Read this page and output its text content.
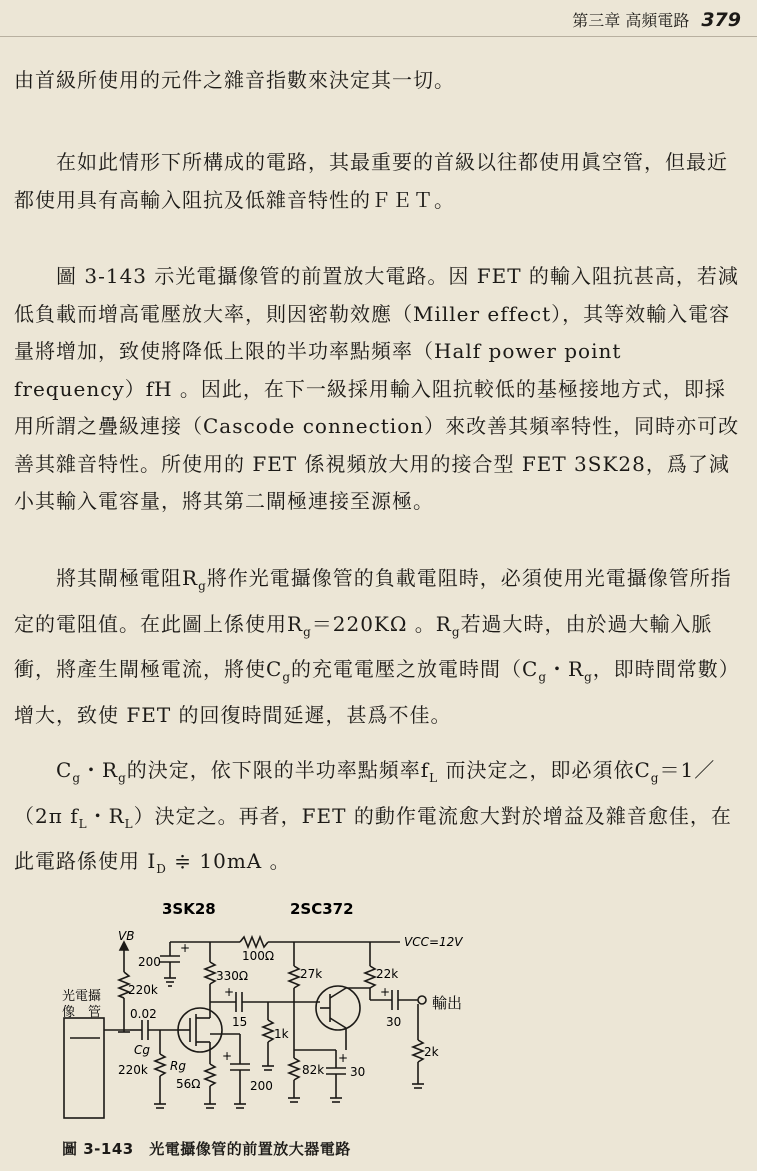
第三章 高頻電路 379

由首級所使用的元件之雜音指數來決定其一切。

在如此情形下所構成的電路，其最重要的首級以往都使用眞空管，但最近都使用具有高輸入阻抗及低雜音特性的ＦＥＴ。

圖 3-143 示光電攝像管的前置放大電路。因 FET 的輸入阻抗甚高，若減低負載而增高電壓放大率，則因密勒效應（Miller effect），其等效輸入電容量將增加，致使將降低上限的半功率點頻率（Half power point frequency）fH 。因此，在下一級採用輸入阻抗較低的基極接地方式，即採用所謂之疊級連接（Cascode connection）來改善其頻率特性，同時亦可改善其雜音特性。所使用的 FET 係視頻放大用的接合型 FET 3SK28，爲了減小其輸入電容量，將其第二閘極連接至源極。

將其閘極電阻$R_g$將作光電攝像管的負載電阻時，必須使用光電攝像管所指定的電阻值。在此圖上係使用$R_g=220K\Omega$ 。$R_g$若過大時，由於過大輸入脈衝，將產生閘極電流，將使$C_g$的充電電壓之放電時間（$C_g$・$R_g$，即時間常數）增大，致使 FET 的回復時間延遲，甚爲不佳。

$C_g$・$R_g$的決定，依下限的半功率點頻率$f_L$ 而決定之，即必須依$C_g=1/(2\pi$ $f_L$・$R_L$）決定之。再者，FET 的動作電流愈大對於增益及雜音愈佳，在此電路係使用 $I_D$ ≑ 10mA 。

3SK28	2SC372
VB	VCC=12V
100Ω
330Ω	27k	22k
200
220k
15
1k
30
輸出
2k
光電攝
像　管 0.02
Cg
220k Rg
56Ω	200
82k 30
+
+
+	+
+
圖 3-143　光電攝像管的前置放大器電路
